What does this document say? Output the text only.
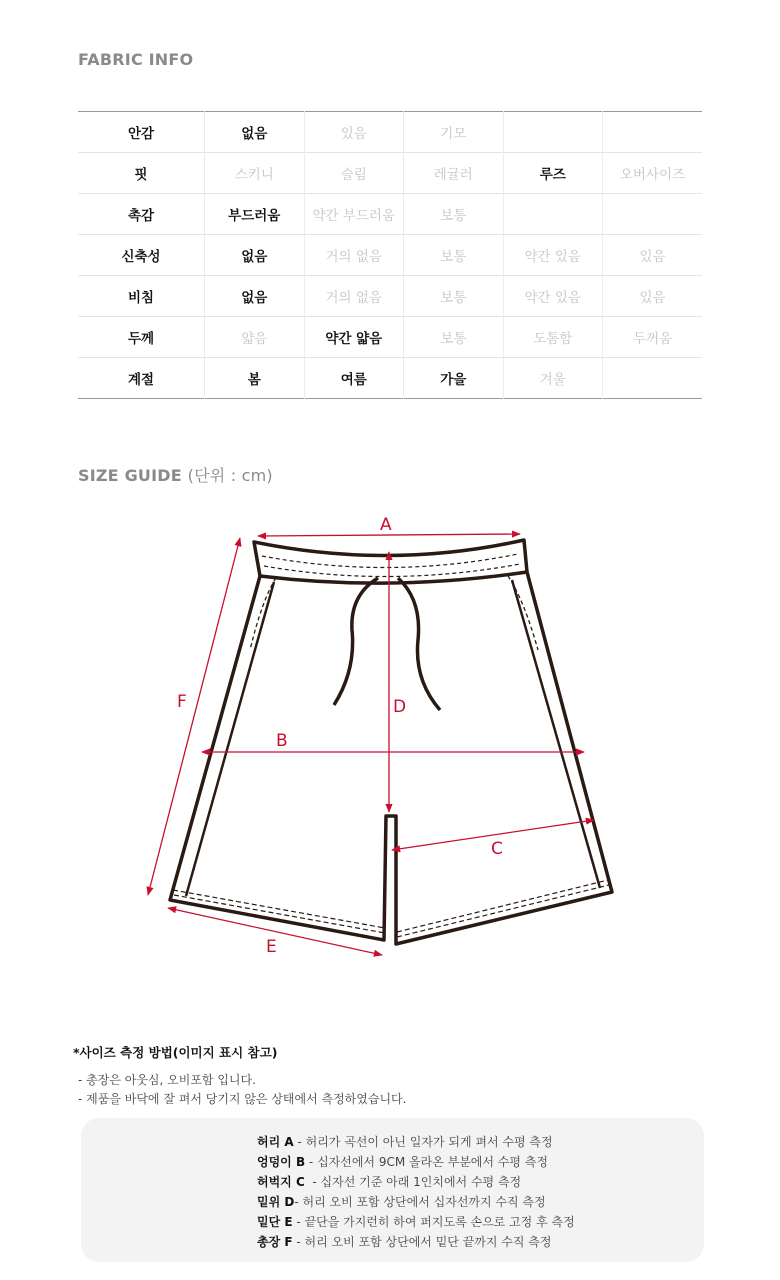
FABRIC INFO
안감	없음	있음	기모		
핏	스키니	슬림	레귤러	루즈	오버사이즈
촉감	부드러움	약간 부드러움	보통		
신축성	없음	거의 없음	보통	약간 있음	있음
비침	없음	거의 없음	보통	약간 있음	있음
두께	얇음	약간 얇음	보통	도톰함	두꺼움
계절	봄	여름	가을	겨울	
SIZE GUIDE (단위 : cm)
A
B
C
D
E
F
*사이즈 측정 방법(이미지 표시 참고)
- 총장은 아웃심, 오비포함 입니다.
- 제품을 바닥에 잘 펴서 당기지 않은 상태에서 측정하였습니다.
허리 A - 허리가 곡선이 아닌 일자가 되게 펴서 수평 측정
엉덩이 B - 십자선에서 9CM 올라온 부분에서 수평 측정
허벅지 C  - 십자선 기준 아래 1인치에서 수평 측정
밑위 D- 허리 오비 포함 상단에서 십자선까지 수직 측정
밑단 E - 끝단을 가지런히 하여 퍼지도록 손으로 고정 후 측정
총장 F - 허리 오비 포함 상단에서 밑단 끝까지 수직 측정
